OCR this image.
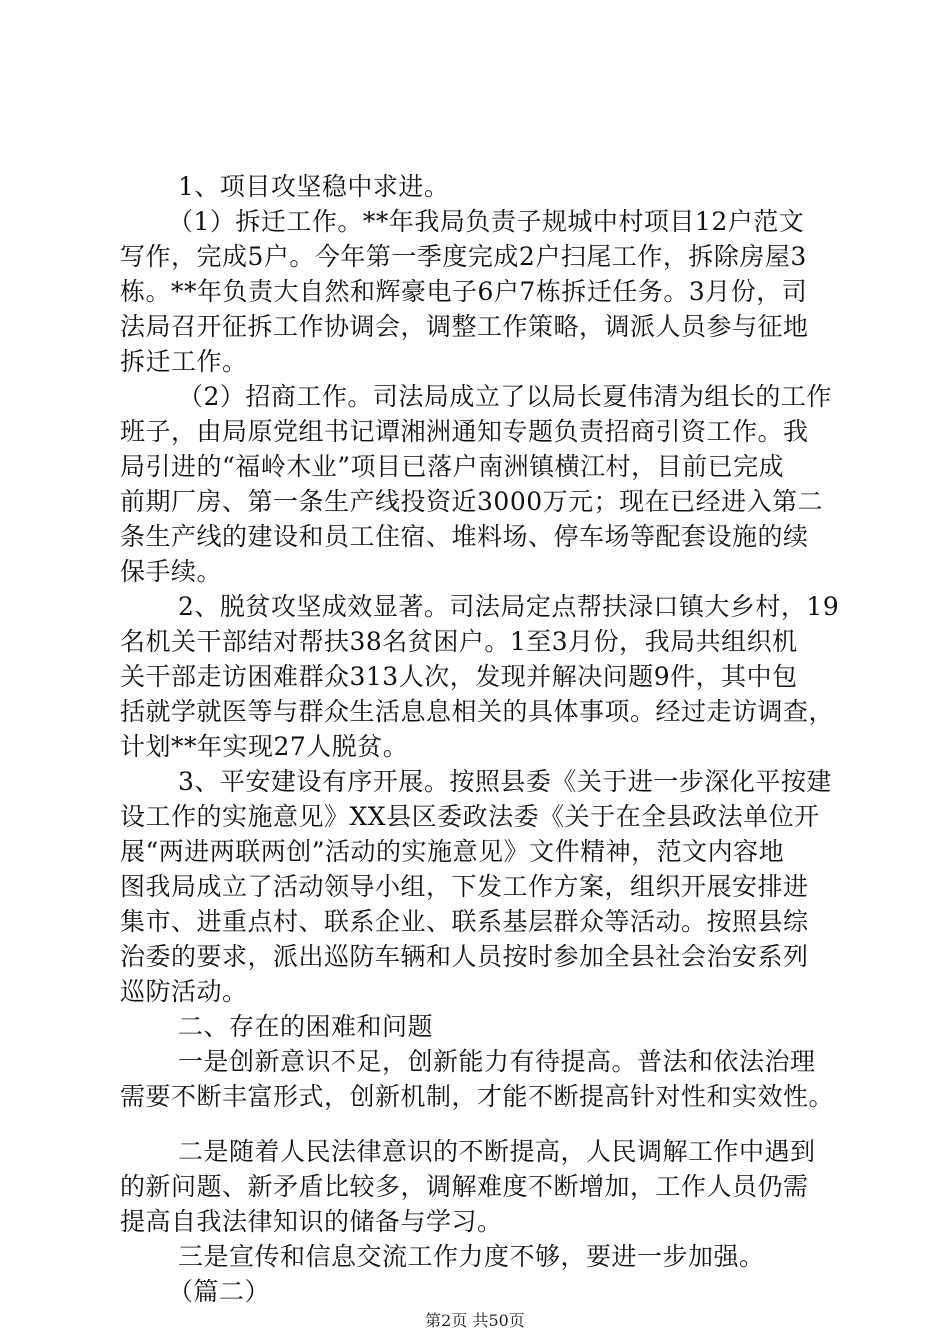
1、项目攻坚稳中求进。
（1）拆迁工作。**年我局负责子规城中村项目12户范文
写作，完成5户。今年第一季度完成2户扫尾工作，拆除房屋3
栋。**年负责大自然和辉豪电子6户7栋拆迁任务。3月份，司
法局召开征拆工作协调会，调整工作策略，调派人员参与征地
拆迁工作。
（2）招商工作。司法局成立了以局长夏伟清为组长的工作
班子，由局原党组书记谭湘洲通知专题负责招商引资工作。我
局引进的“福岭木业”项目已落户南洲镇横江村，目前已完成
前期厂房、第一条生产线投资近3000万元；现在已经进入第二
条生产线的建设和员工住宿、堆料场、停车场等配套设施的续
保手续。
2、脱贫攻坚成效显著。司法局定点帮扶渌口镇大乡村，19
名机关干部结对帮扶38名贫困户。1至3月份，我局共组织机
关干部走访困难群众313人次，发现并解决问题9件，其中包
括就学就医等与群众生活息息相关的具体事项。经过走访调查，
计划**年实现27人脱贫。
3、平安建设有序开展。按照县委《关于进一步深化平按建
设工作的实施意见》XX县区委政法委《关于在全县政法单位开
展“两进两联两创”活动的实施意见》文件精神，范文内容地
图我局成立了活动领导小组，下发工作方案，组织开展安排进
集市、进重点村、联系企业、联系基层群众等活动。按照县综
治委的要求，派出巡防车辆和人员按时参加全县社会治安系列
巡防活动。
二、存在的困难和问题
一是创新意识不足，创新能力有待提高。普法和依法治理
需要不断丰富形式，创新机制，才能不断提高针对性和实效性。
二是随着人民法律意识的不断提高，人民调解工作中遇到
的新问题、新矛盾比较多，调解难度不断增加，工作人员仍需
提高自我法律知识的储备与学习。
三是宣传和信息交流工作力度不够，要进一步加强。
（篇二）
第2页 共50页
